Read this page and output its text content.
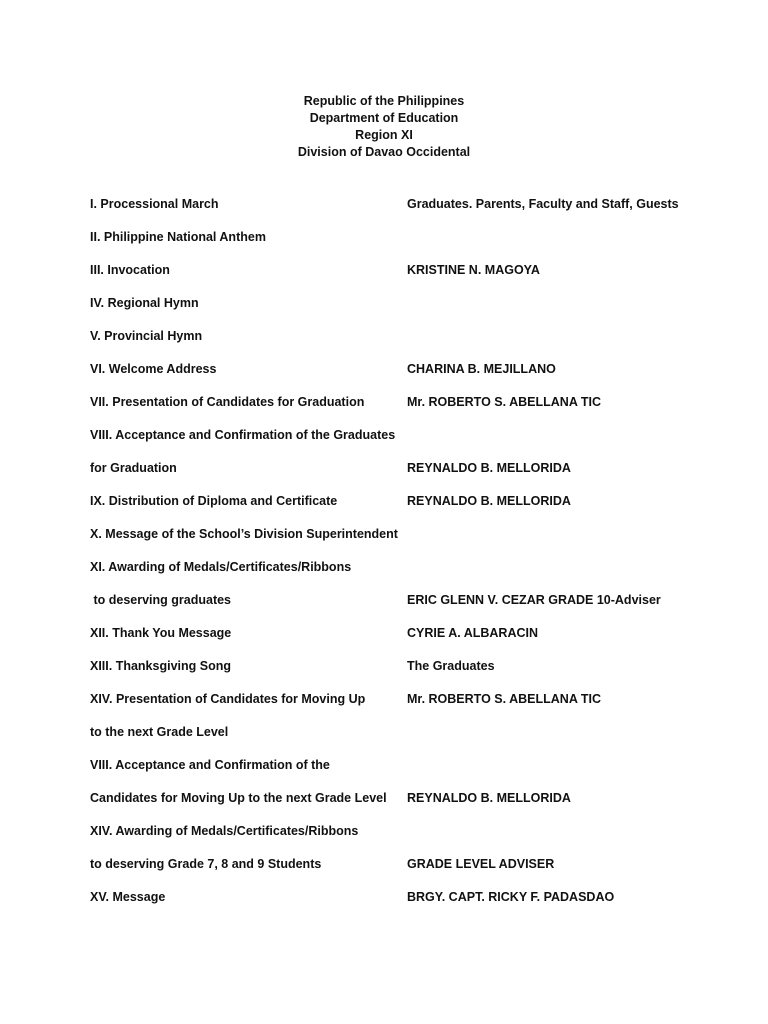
Republic of the Philippines
Department of Education
Region XI
Division of Davao Occidental
I. Processional March	Graduates. Parents, Faculty and Staff, Guests
II. Philippine National Anthem
III. Invocation	KRISTINE N. MAGOYA
IV. Regional Hymn
V. Provincial Hymn
VI. Welcome Address	CHARINA B. MEJILLANO
VII. Presentation of Candidates for Graduation	Mr. ROBERTO S. ABELLANA TIC
VIII. Acceptance and Confirmation of the Graduates
for Graduation	REYNALDO B. MELLORIDA
IX. Distribution of Diploma and Certificate	REYNALDO B. MELLORIDA
X. Message of the School’s Division Superintendent
XI. Awarding of Medals/Certificates/Ribbons
to deserving graduates	ERIC GLENN V. CEZAR GRADE 10-Adviser
XII. Thank You Message	CYRIE A. ALBARACIN
XIII. Thanksgiving Song	The Graduates
XIV. Presentation of Candidates for Moving Up	Mr. ROBERTO S. ABELLANA TIC
to the next Grade Level
VIII. Acceptance and Confirmation of the
Candidates for Moving Up to the next Grade Level REYNALDO B. MELLORIDA
XIV. Awarding of Medals/Certificates/Ribbons
to deserving Grade 7, 8 and 9 Students	GRADE LEVEL ADVISER
XV. Message	BRGY. CAPT. RICKY F. PADASDAO
